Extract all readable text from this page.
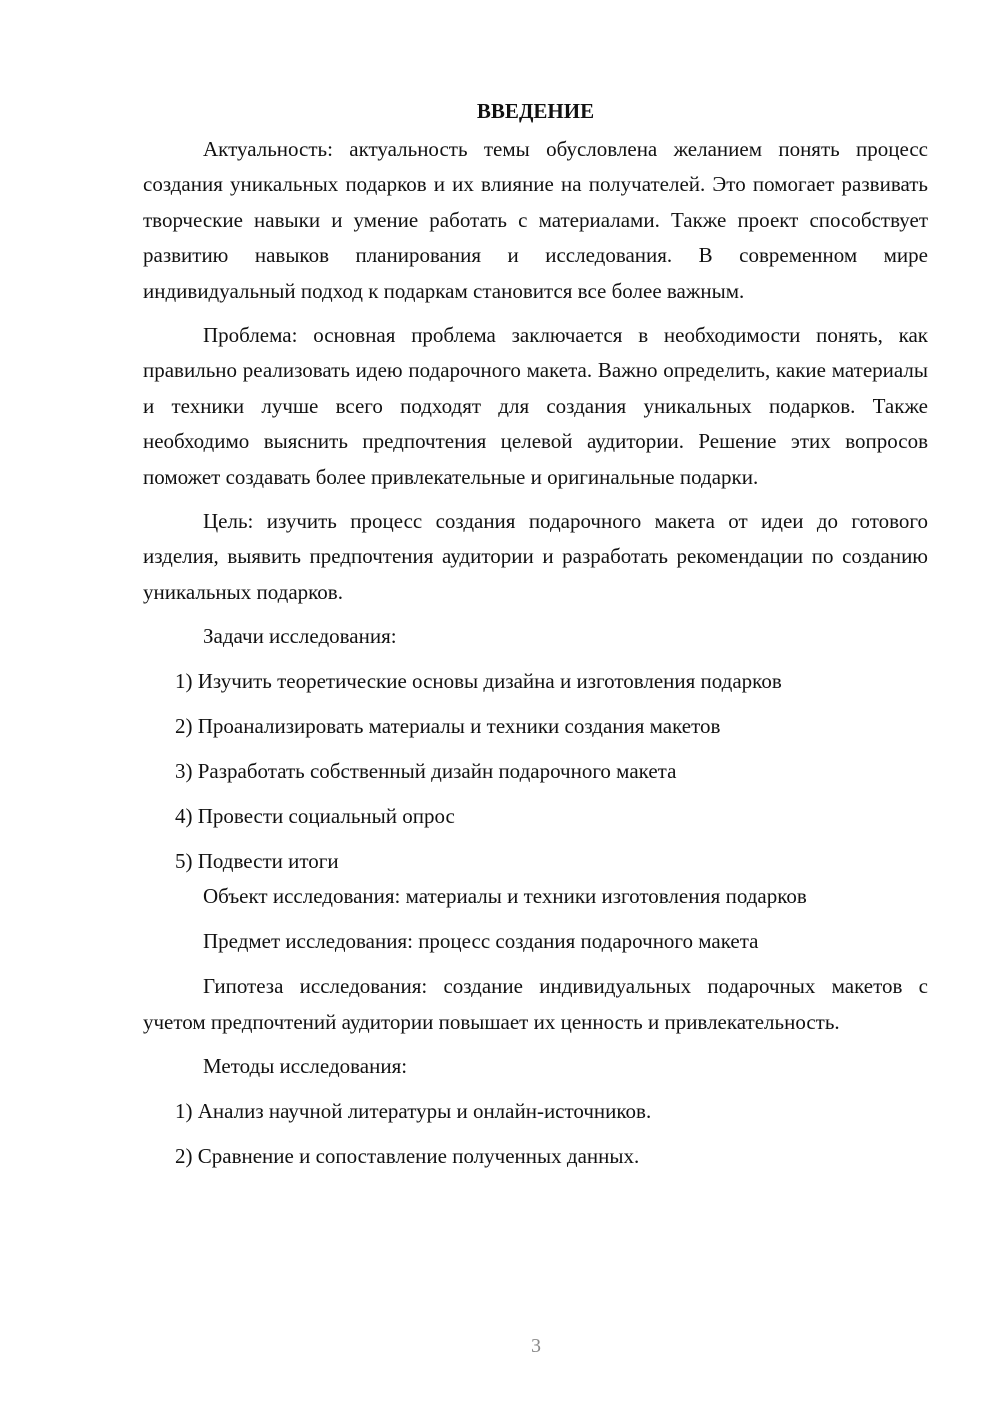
ВВЕДЕНИЕ

Актуальность: актуальность темы обусловлена желанием понять процесс создания уникальных подарков и их влияние на получателей. Это помогает развивать творческие навыки и умение работать с материалами. Также проект способствует развитию навыков планирования и исследования. В современном мире индивидуальный подход к подаркам становится все более важным.

Проблема: основная проблема заключается в необходимости понять, как правильно реализовать идею подарочного макета. Важно определить, какие материалы и техники лучше всего подходят для создания уникальных подарков. Также необходимо выяснить предпочтения целевой аудитории. Решение этих вопросов поможет создавать более привлекательные и оригинальные подарки.

Цель: изучить процесс создания подарочного макета от идеи до готового изделия, выявить предпочтения аудитории и разработать рекомендации по созданию уникальных подарков.

Задачи исследования:
1) Изучить теоретические основы дизайна и изготовления подарков
2) Проанализировать материалы и техники создания макетов
3) Разработать собственный дизайн подарочного макета
4) Провести социальный опрос
5) Подвести итоги
Объект исследования: материалы и техники изготовления подарков
Предмет исследования: процесс создания подарочного макета

Гипотеза исследования: создание индивидуальных подарочных макетов с учетом предпочтений аудитории повышает их ценность и привлекательность.

Методы исследования:
1) Анализ научной литературы и онлайн-источников.
2) Сравнение и сопоставление полученных данных.
3
